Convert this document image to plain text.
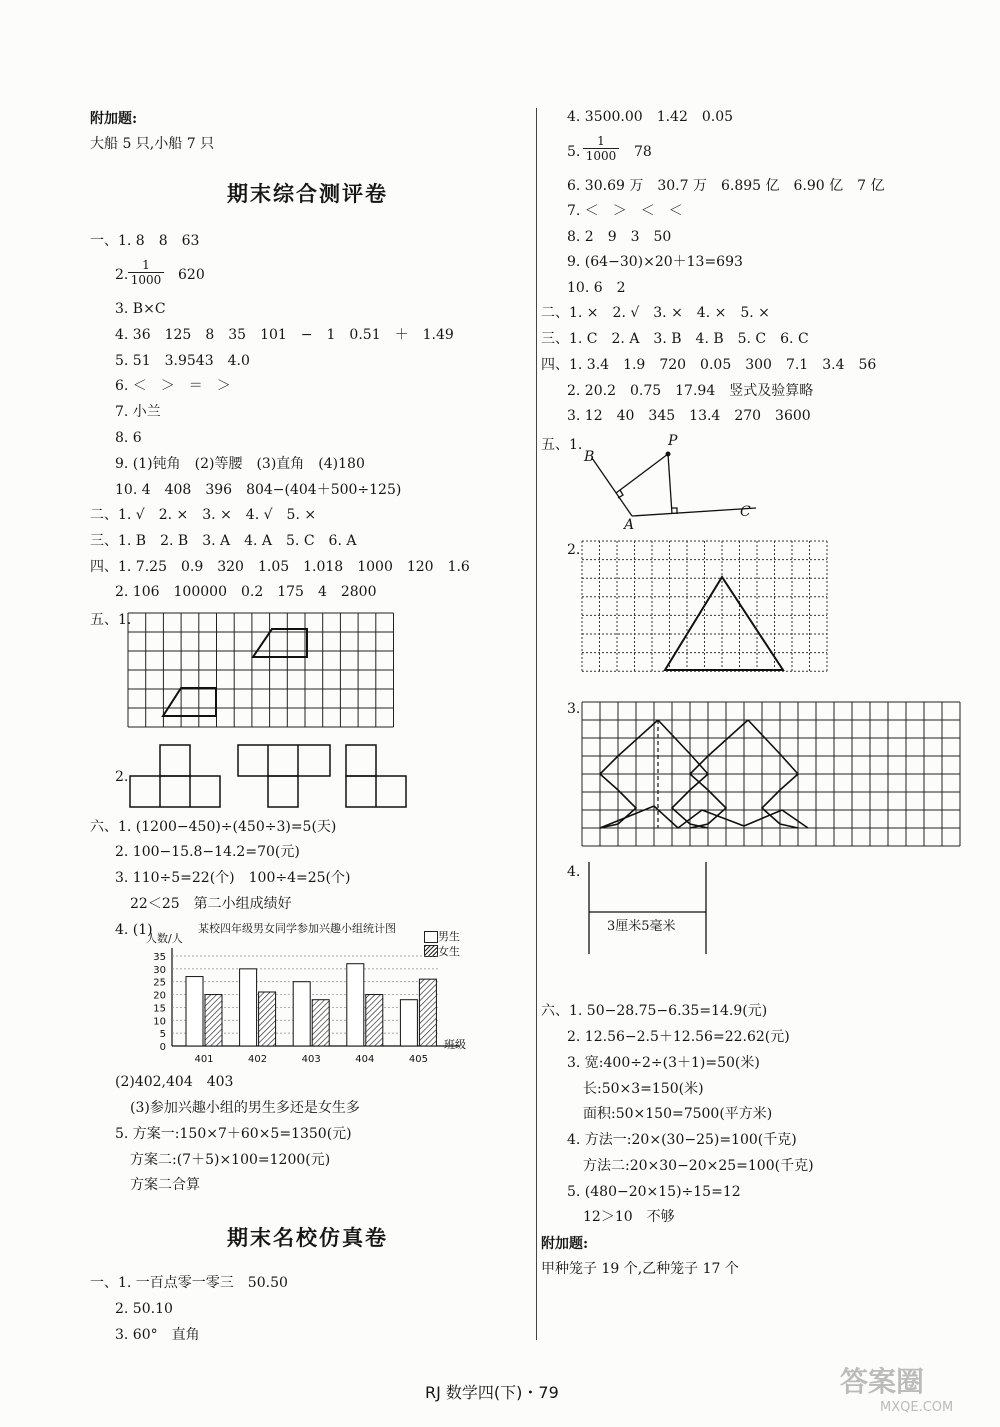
附加题:
大船 5 只,小船 7 只
期末综合测评卷
一、1. 8　8　63
2. $\frac{1}{1000} 620$
3. B×C
4. 36　125　8　35　101　−　1　0.51　＋　1.49
5. 51　3.9543　4.0
6. ＜　＞　＝　＞
7. 小兰
8. 6
9. (1)钝角　(2)等腰　(3)直角　(4)180
10. 4　408　396　804−(404＋500÷125)
二、1. √　2. ×　3. ×　4. √　5. ×
三、1. B　2. B　3. A　4. A　5. C　6. A
四、1. 7.25　0.9　320　1.05　1.018　1000　120　1.6
2. 106　100000　0.2　175　4　2800
五、1.
2.
六、1. (1200−450)÷(450÷3)=5(天)
2. 100−15.8−14.2=70(元)
3. 110÷5=22(个)　100÷4=25(个)
22＜25　第二小组成绩好
4. (1)	某校四年级男女同学参加兴趣小组统计图
人数/人
班级
男生
女生
0
5
10
15
20
25
30
35
401	402	403	404	405
(2)402,404　403
(3)参加兴趣小组的男生多还是女生多
5. 方案一:150×7＋60×5=1350(元)
方案二:(7＋5)×100=1200(元)
方案二合算
期末名校仿真卷
一、1. 一百点零一零三　50.50
2. 50.10
3. 60°　直角
4. 3500.00　1.42　0.05
5. $\frac{1}{1000} 78$
6. 30.69 万　30.7 万　6.895 亿　6.90 亿　7 亿
7. ＜　＞　＜　＜
8. 2　9　3　50
9. (64−30)×20＋13=693
10. 6　2
二、1. ×　2. √　3. ×　4. ×　5. ×
三、1. C　2. A　3. B　4. B　5. C　6. C
四、1. 3.4　1.9　720　0.05　300　7.1　3.4　56
2. 20.2　0.75　17.94　竖式及验算略
3. 12　40　345　13.4　270　3600
五、1.
B
P
A
C
2.
3.
4.
3厘米5毫米
六、1. 50−28.75−6.35=14.9(元)
2. 12.56−2.5＋12.56=22.62(元)
3. 宽:400÷2÷(3＋1)=50(米)
长:50×3=150(米)
面积:50×150=7500(平方米)
4. 方法一:20×(30−25)=100(千克)
方法二:20×30−20×25=100(千克)
5. (480−20×15)÷15=12
12＞10　不够
附加题:
甲种笼子 19 个,乙种笼子 17 个
RJ 数学四(下)・79	答案圈
MXQE.COM
